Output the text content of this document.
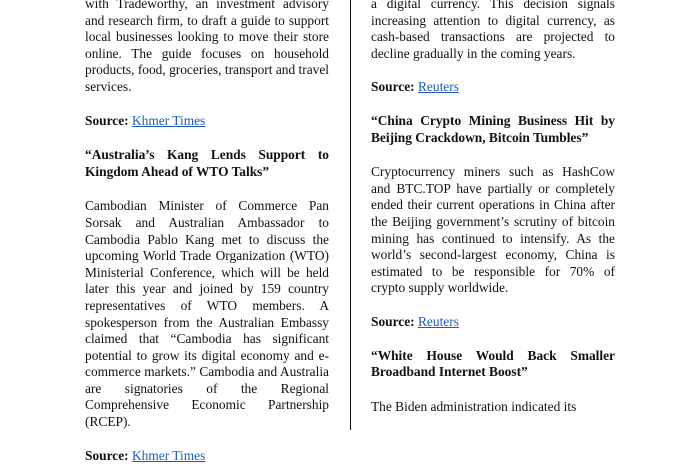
with Tradeworthy, an investment advisory and research firm, to draft a guide to support local businesses looking to move their store online. The guide focuses on household products, food, groceries, transport and travel services.

Source: Khmer Times

“Australia’s Kang Lends Support to Kingdom Ahead of WTO Talks”

Cambodian Minister of Commerce Pan Sorsak and Australian Ambassador to Cambodia Pablo Kang met to discuss the upcoming World Trade Organization (WTO) Ministerial Conference, which will be held later this year and joined by 159 country representatives of WTO members. A spokesperson from the Australian Embassy claimed that “Cambodia has significant potential to grow its digital economy and e-commerce markets.” Cambodia and Australia are signatories of the Regional Comprehensive Economic Partnership (RCEP).

Source: Khmer Times

a digital currency. This decision signals increasing attention to digital currency, as cash-based transactions are projected to decline gradually in the coming years.

Source: Reuters

“China Crypto Mining Business Hit by Beijing Crackdown, Bitcoin Tumbles”

Cryptocurrency miners such as HashCow and BTC.TOP have partially or completely ended their current operations in China after the Beijing government’s scrutiny of bitcoin mining has continued to intensify. As the world’s second-largest economy, China is estimated to be responsible for 70% of crypto supply worldwide.

Source: Reuters

“White House Would Back Smaller Broadband Internet Boost”

The Biden administration indicated its
